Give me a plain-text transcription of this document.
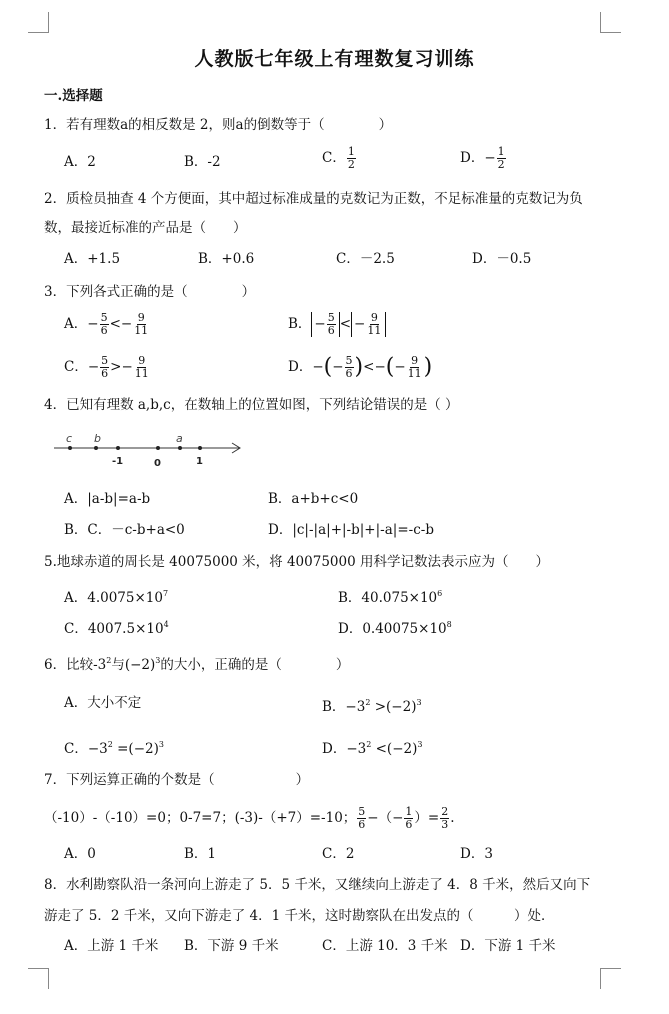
人教版七年级上有理数复习训练
一.选择题
1．若有理数a的相反数是 2，则a的倒数等于（　　　　）
A．2	B．-2	C． $\frac{1}{2}$	D．− $\frac{1}{2}$
2．质检员抽查 4 个方便面，其中超过标准成量的克数记为正数，不足标准量的克数记为负
数，最接近标准的产品是（　　）
A．+1.5	B．+0.6	C．－2.5	D．－0.5
3．下列各式正确的是（　　　　）
A．− $\frac{5}{6} <- \frac{9}{11}$	B． − $\frac{5}{6}$ < − $\frac{9}{11}$
C．− $\frac{5}{6} >- \frac{9}{11}$	D．−(− $\frac{5}{6}$ )<−(− $\frac{9}{11}$ )
4．已知有理数 a,b,c，在数轴上的位置如图，下列结论错误的是（ ）
c b	a
-1	0	1
A．|a-b|=a-b	B．a+b+c<0
B．C．－c-b+a<0	D．|c|-|a|+|-b|+|-a|=-c-b
5.地球赤道的周长是 40075000 米，将 40075000 用科学记数法表示应为（　　）
A．$4.0075\times 10^7$	B．$40.075\times 10^6$
C．$4007.5\times 10^4$	D．$0.40075\times 10^8$
6．比较$-3^2$与$(-2)^3$的大小，正确的是（　　　　）
A．大小不定	B．$-3^2 >(-2)^3$
C．$-3^2 =(-2)^3$	D．$-3^2 <(-2)^3$
7．下列运算正确的个数是（　　　　　　）
（-10）-（-10）=0；0-7=7；(-3)-（+7）=-10； $\frac{5}{6}$ −（− $\frac{1}{6}$ ）= $\frac{2}{3}$ .
A．0	B．1	C．2	D．3
8．水利勘察队沿一条河向上游走了 5．5 千米，又继续向上游走了 4．8 千米，然后又向下
游走了 5．2 千米，又向下游走了 4．1 千米，这时勘察队在出发点的（　　　）处．
A．上游 1 千米 B．下游 9 千米	C．上游 10．3 千米 D．下游 1 千米
